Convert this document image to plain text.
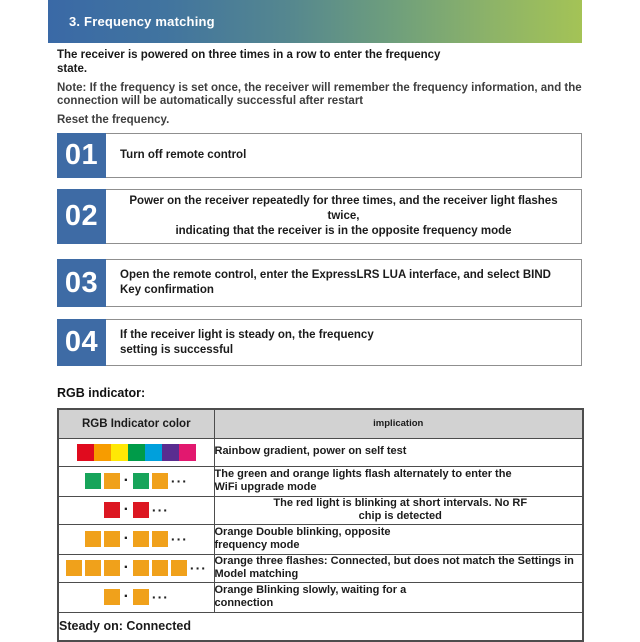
3. Frequency matching
The receiver is powered on three times in a row to enter the frequency
state.
Note: If the frequency is set once, the receiver will remember the frequency information, and the
connection will be automatically successful after restart
Reset the frequency.
01	Turn off remote control
02	Power on the receiver repeatedly for three times, and the receiver light flashes twice,
indicating that the receiver is in the opposite frequency mode
03	Open the remote control, enter the ExpressLRS LUA interface, and select BIND
Key confirmation
04	If the receiver light is steady on, the frequency
setting is successful
RGB indicator:
RGB Indicator color	implication

	Rainbow gradient, power on self test

· ···	The green and orange lights flash alternately to enter the
WiFi upgrade mode

· ···	The red light is blinking at short intervals. No RF
chip is detected

· ···	Orange Double blinking, opposite
frequency mode

· ···	Orange three flashes: Connected, but does not match the Settings in
Model matching

· ···	Orange Blinking slowly, waiting for a
connection
Steady on: Connected	
